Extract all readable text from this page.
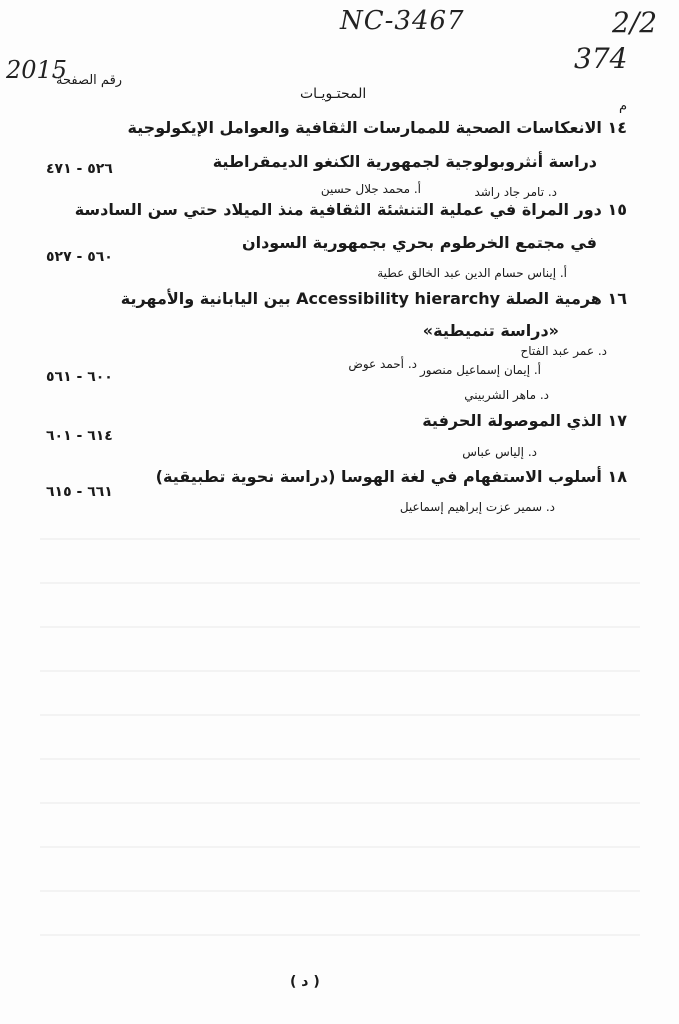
NC-3467	2/2
374
2015
رقم الصفحة
المحتـويـات
م
١٤ الانعكاسات الصحية للممارسات الثقافية والعوامل الإيكولوجية
دراسة أنثروبولوجية لجمهورية الكنغو الديمقراطية
٥٢٦ - ٤٧١
د. تامر جاد راشد
أ. محمد جلال حسين
١٥ دور المراة في عملية التنشئة الثقافية منذ الميلاد حتي سن السادسة
في مجتمع الخرطوم بحري بجمهورية السودان
٥٦٠ - ٥٢٧
أ. إيناس حسام الدين عبد الخالق عطية
١٦ هرمية الصلة Accessibility hierarchy بين اليابانية والأمهرية
«دراسة تنميطية»
د. عمر عبد الفتاح
د. أحمد عوض
٦٠٠ - ٥٦١	أ. إيمان إسماعيل منصور
د. ماهر الشربيني
١٧ الذي الموصولة الحرفية
٦١٤ - ٦٠١
د. إلياس عباس
١٨ أسلوب الاستفهام في لغة الهوسا (دراسة نحوية تطبيقية)
٦٦١ - ٦١٥
د. سمير عزت إبراهيم إسماعيل
( د )
